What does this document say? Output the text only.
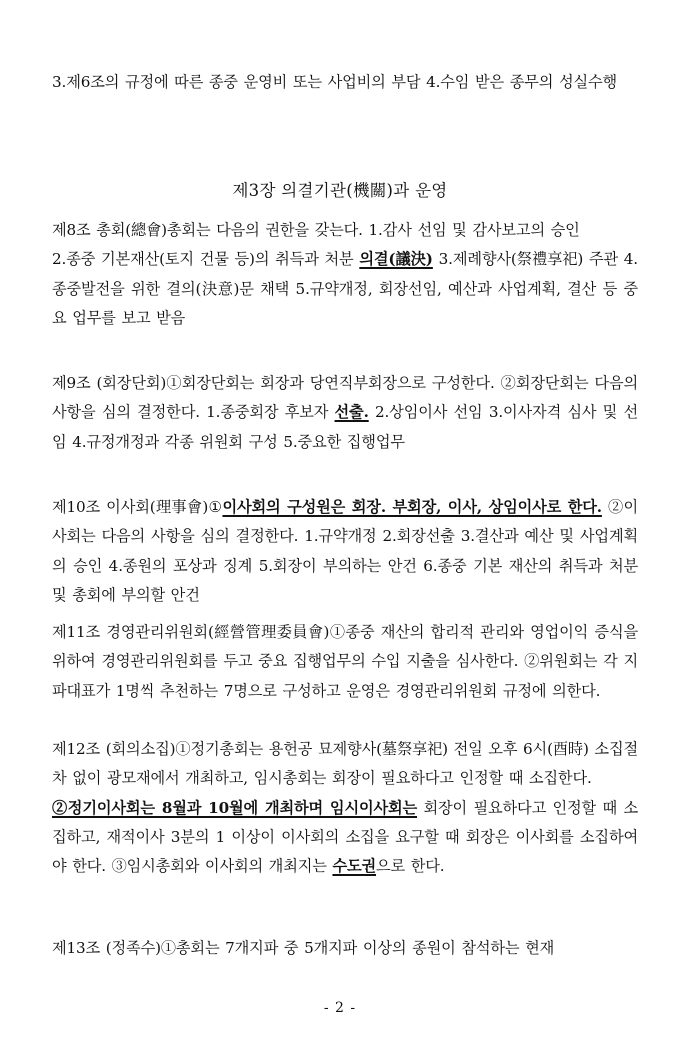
3.제6조의 규정에 따른 종중 운영비 또는 사업비의 부담 4.수임 받은 종무의 성실수행
제3장 의결기관(機關)과 운영
제8조 총회(總會)총회는 다음의 권한을 갖는다. 1.감사 선임 및 감사보고의 승인
2.종중 기본재산(토지 건물 등)의 취득과 처분 의결(議決) 3.제례향사(祭禮享祀) 주관 4.종중발전을 위한 결의(決意)문 채택 5.규약개정, 회장선임, 예산과 사업계획, 결산 등 중요 업무를 보고 받음
제9조 (회장단회)①회장단회는 회장과 당연직부회장으로 구성한다. ②회장단회는 다음의 사항을 심의 결정한다. 1.종중회장 후보자 선출. 2.상임이사 선임 3.이사자격 심사 및 선임 4.규정개정과 각종 위원회 구성 5.중요한 집행업무
제10조 이사회(理事會)①이사회의 구성원은 회장. 부회장, 이사, 상임이사로 한다. ②이사회는 다음의 사항을 심의 결정한다. 1.규약개정 2.회장선출 3.결산과 예산 및 사업계획의 승인 4.종원의 포상과 징계 5.회장이 부의하는 안건 6.종중 기본 재산의 취득과 처분 및 총회에 부의할 안건
제11조 경영관리위원회(經營管理委員會)①종중 재산의 합리적 관리와 영업이익 증식을 위하여 경영관리위원회를 두고 중요 집행업무의 수입 지출을 심사한다. ②위원회는 각 지파대표가 1명씩 추천하는 7명으로 구성하고 운영은 경영관리위원회 규정에 의한다.
제12조 (회의소집)①정기총회는 용헌공 묘제향사(墓祭享祀) 전일 오후 6시(酉時) 소집절차 없이 광모재에서 개최하고, 임시총회는 회장이 필요하다고 인정할 때 소집한다.
②정기이사회는 8월과 10월에 개최하며 임시이사회는 회장이 필요하다고 인정할 때 소집하고, 재적이사 3분의 1 이상이 이사회의 소집을 요구할 때 회장은 이사회를 소집하여야 한다. ③임시총회와 이사회의 개최지는 수도권으로 한다.
제13조 (정족수)①총회는 7개지파 중 5개지파 이상의 종원이 참석하는 현재
- 2 -
